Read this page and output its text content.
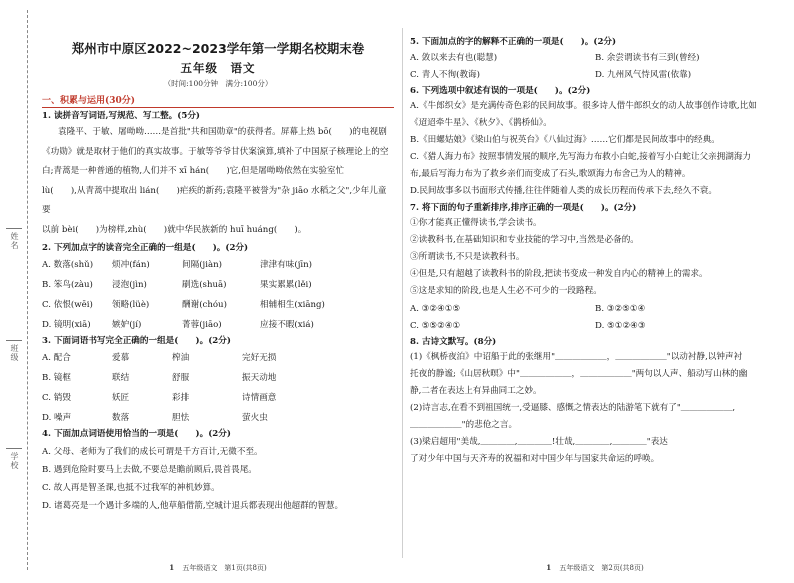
姓名
班级
学校
郑州市中原区2022~2023学年第一学期名校期末卷
五年级　语文
（时间:100分钟　满分:100分）
一、积累与运用(30分)
1. 读拼音写词语,写规范、写工整。(5分)

袁隆平、于敏、屠呦呦……是首批"共和国勋章"的获得者。屏幕上热 bō(　　)的电视剧

《功勋》就是取材于他们的真实故事。于敏等爷爷甘伏案演算,填补了中国原子核理论上的空

白;青蒿是一种普通的植物,人们并不 xī hán(　　)它,但是屠呦呦依然在实验室忙

lù(　　),从青蒿中提取出 lián(　　)疟疾的新药;袁隆平被誉为"杂 jiāo 水稻之父",少年儿童要

以前 bèi(　　)为榜样,zhù(　　)就中华民族新的 huī huáng(　　)。

2. 下列加点字的读音完全正确的一组是(　　)。(2分)
A. 数落(shǔ)	烦冲(fán)	间隔(jiàn)	津津有味(jīn)
B. 笨鸟(zàu)	浸泡(jìn)	刷选(shuā)	果实累累(lěi)
C. 依恨(wēi)	领略(lüè)	酬谢(chóu)	相辅相生(xiāng)
D. 镜明(xiā)	嫉妒(jí)	菁蓉(jiāo)	应接不暇(xiá)
3. 下面词语书写完全正确的一组是(　　)。(2分)
A. 配合	爱慕	榨油	完好无损
B. 镜框	联结	舒服	振天动地
C. 销毁	妖匠	彩排	诗情画意
D. 噪声	数落	胆怯	萤火虫
4. 下面加点词语使用恰当的一项是(　　)。(2分)
A. 父母、老师为了我们的成长可谓是千方百计,无微不至。
B. 遇到危险时要马上去做,不要总是瞻前顾后,畏首畏尾。
C. 故人再是智圣课,也抵不过我军的神机妙算。
D. 诸葛亮是一个遇计多端的人,他草船借箭,空城计退兵都表现出他超群的智慧。
1 五年级语文　第1页(共8页)
5. 下面加点的字的解释不正确的一项是(　　)。(2分)
A. 敛以来去有也(聪慧)	B. 余尝谓读书有三到(曾经)
C. 青人不徇(教诲)	D. 九州风气恃风雷(依靠)
6. 下列选项中叙述有误的一项是(　　)。(2分)

A.《牛郎织女》是充满传奇色彩的民间故事。很多诗人借牛郎织女的动人故事创作诗歌,比如

《迢迢牵牛星》、《秋夕》、《鹊桥仙》。

B.《田螺姑娘》《梁山伯与祝英台》《八仙过海》……它们都是民间故事中的经典。

C.《猎人海力布》按照事情发展的顺序,先写海力布救小白蛇,接着写小白蛇让父亲拥湖海力

布,最后写海力布为了救乡亲们而变成了石头,歌颂海力布舍己为人的精神。

D.民间故事多以书面形式传播,往往伴随着人类的成长历程而传承下去,经久不衰。

7. 将下面的句子重新排序,排序正确的一项是(　　)。(2分)

①你才能真正懂得读书,学会读书。

②读教科书,在基础知识和专业技能的学习中,当然是必备的。

③所谓读书,不只是读教科书。

④但是,只有超越了读教科书的阶段,把读书变成一种发自内心的精神上的需求。

⑤这是求知的阶段,也是人生必不可少的一段路程。

A. ③②④①⑤	B. ③②⑤①④
C. ⑤⑤②④①	D. ⑤①②④③
8. 古诗文默写。(8分)

(1)《枫桥夜泊》中诏船于此的张继用"＿＿＿＿＿＿，＿＿＿＿＿＿"以动衬静,以钟声衬

托夜的静谧;《山居秋暝》中"＿＿＿＿＿＿，＿＿＿＿＿＿"两句以人声、船动写山林的幽

静,二者在表达上有异曲同工之妙。

(2)诗言志,在看不到祖国统一,受逼膝、感慨之情表达的陆游笔下就有了"＿＿＿＿＿＿,

＿＿＿＿＿＿"的悲伧之言。

(3)梁启超用"美哉,＿＿＿＿,＿＿＿＿!壮哉,＿＿＿＿,＿＿＿＿"表达

了对少年中国与天齐寿的祝福和对中国少年与国家共命运的呼唤。

1 五年级语文　第2页(共8页)
